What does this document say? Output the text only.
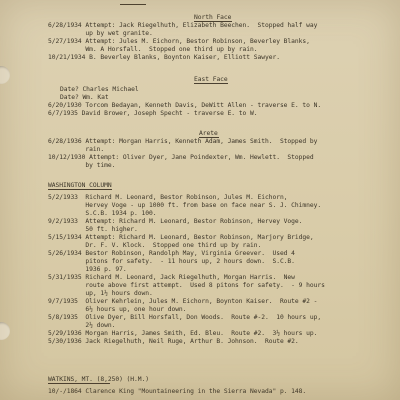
North Face
East Face
Arete
WASHINGTON COLUMN
WATKINS, MT. (8,250) (H.M.)
6/28/1934 Attempt: Jack Riegelhuth, Elizabeth Beechen.  Stopped half way
up by wet granite.
5/27/1934 Attempt: Jules M. Eichorn, Bestor Robinson, Beverley Blanks,
Wm. A Horsfall.  Stopped one third up by rain.
10/21/1934 B. Beverley Blanks, Boynton Kaiser, Elliott Sawyer.
Date? Charles Michael
Date? Wm. Kat
6/20/1930 Torcom Bedayan, Kenneth Davis, DeWitt Allen - traverse E. to N.
6/7/1935 David Brower, Joseph Specht - traverse E. to W.
6/28/1936 Attempt: Morgan Harris, Kenneth Adam, James Smith.  Stopped by
rain.
10/12/1930 Attempt: Oliver Dyer, Jane Poindexter, Wm. Hewlett.  Stopped
by time.
5/2/1933  Richard M. Leonard, Bestor Robinson, Jules M. Eichorn,
Hervey Voge - up 1000 ft. from base on face near S. J. Chimney.
S.C.B. 1934 p. 100.
9/2/1933  Attempt: Richard M. Leonard, Bestor Robinson, Hervey Voge.
50 ft. higher.
5/15/1934 Attempt: Richard M. Leonard, Bestor Robinson, Marjory Bridge,
Dr. F. V. Klock.  Stopped one third up by rain.
5/26/1934 Bestor Robinson, Randolph May, Virginia Greever.  Used 4
pitons for safety.  - 11 hours up, 2 hours down.  S.C.B.
1936 p. 97.
5/31/1935 Richard M. Leonard, Jack Riegelhuth, Morgan Harris.  New
route above first attempt.  Used 8 pitons for safety.  - 9 hours
up, 1½ hours down.
9/7/1935  Oliver Kehrlein, Jules M. Eichorn, Boynton Kaiser.  Route #2 -
6½ hours up, one hour down.
5/8/1935  Olive Dyer, Bill Horsfall, Don Woods.  Route #-2.  10 hours up,
2½ down.
5/29/1936 Morgan Harris, James Smith, Ed. Bleu.  Route #2.  3½ hours up.
5/30/1936 Jack Riegelhuth, Neil Ruge, Arthur B. Johnson.  Route #2.
10/-/1864 Clarence King "Mountaineering in the Sierra Nevada" p. 148.
